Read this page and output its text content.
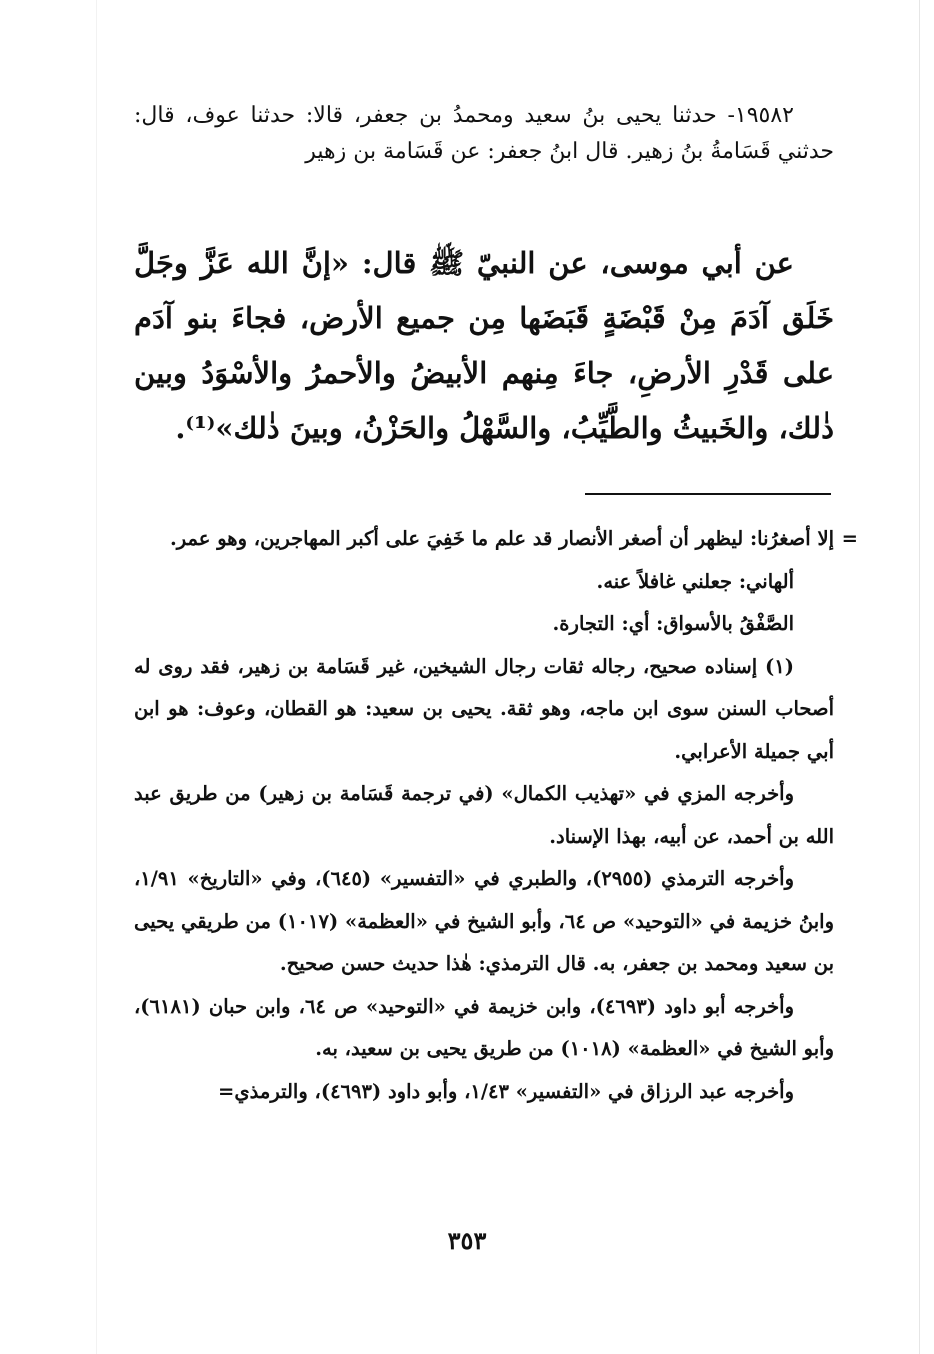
١٩٥٨٢- حدثنا يحيى بنُ سعيد ومحمدُ بن جعفر، قالا: حدثنا عوف، قال: حدثني قَسَامةُ بنُ زهير. قال ابنُ جعفر: عن قَسَامة بن زهير

عن أبي موسى، عن النبيّ ﷺ قال: «إنَّ الله عَزَّ وجَلَّ خَلَق آدَمَ مِنْ قَبْضَةٍ قَبَضَها مِن جميع الأرض، فجاءَ بنو آدَم على قَدْرِ الأرضِ، جاءَ مِنهم الأبيضُ والأحمرُ والأسْوَدُ وبين ذٰلك، والخَبيثُ والطَّيِّبُ، والسَّهْلُ والحَزْنُ، وبينَ ذٰلك»⁽¹⁾.

=
إلا أصغرُنا: ليظهر أن أصغر الأنصار قد علم ما خَفِيَ على أكبر المهاجرين، وهو عمر.

ألهاني: جعلني غافلاً عنه.

الصَّفْقُ بالأسواق: أي: التجارة.

(١) إسناده صحيح، رجاله ثقات رجال الشيخين، غير قَسَامة بن زهير، فقد روى له أصحاب السنن سوى ابن ماجه، وهو ثقة. يحيى بن سعيد: هو القطان، وعوف: هو ابن أبي جميلة الأعرابي.

وأخرجه المزي في «تهذيب الكمال» (في ترجمة قَسَامة بن زهير) من طريق عبد الله بن أحمد، عن أبيه، بهذا الإسناد.

وأخرجه الترمذي (٢٩٥٥)، والطبري في «التفسير» (٦٤٥)، وفي «التاريخ» ١/٩١، وابنُ خزيمة في «التوحيد» ص ٦٤، وأبو الشيخ في «العظمة» (١٠١٧) من طريقي يحيى بن سعيد ومحمد بن جعفر، به. قال الترمذي: هٰذا حديث حسن صحيح.

وأخرجه أبو داود (٤٦٩٣)، وابن خزيمة في «التوحيد» ص ٦٤، وابن حبان (٦١٨١)، وأبو الشيخ في «العظمة» (١٠١٨) من طريق يحيى بن سعيد، به.

وأخرجه عبد الرزاق في «التفسير» ١/٤٣، وأبو داود (٤٦٩٣)، والترمذي=

٣٥٣
